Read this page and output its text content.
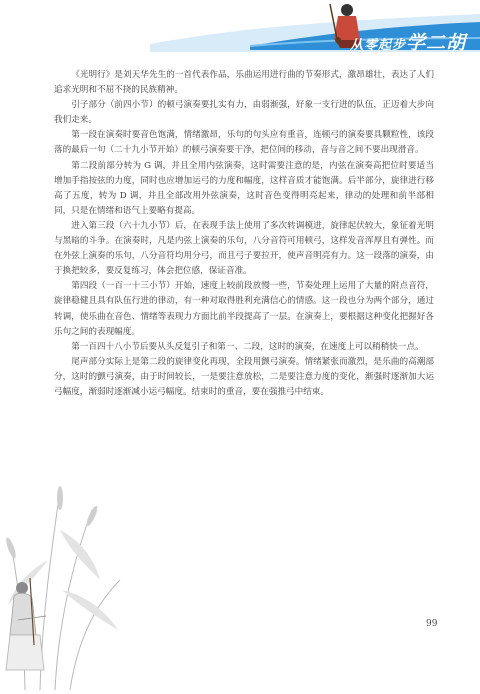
从零起步学二胡

《光明行》是刘天华先生的一首代表作品，乐曲运用进行曲的节奏形式，激昂雄壮，表达了人们追求光明和不屈不挠的民族精神。

引子部分（前四小节）的顿弓演奏要扎实有力，由弱渐强，好象一支行进的队伍，正迈着大步向我们走来。

第一段在演奏时要音色饱满，情绪激昂，乐句的句头应有重音，连顿弓的演奏要具颗粒性，该段落的最后一句（二十九小节开始）的顿弓演奏要干净，把位间的移动，音与音之间不要出现滑音。

第二段前部分转为 G 调，并且全用内弦演奏，这时需要注意的是，内弦在演奏高把位时要适当增加手指按弦的力度，同时也应增加运弓的力度和幅度，这样音质才能饱满。后半部分，旋律进行移高了五度，转为 D 调，并且全部改用外弦演奏，这时音色变得明亮起来，律动的处理和前半部相同，只是在情绪和语气上要略有提高。

进入第三段（六十九小节）后，在表现手法上使用了多次转调模进，旋律起伏较大，象征着光明与黑暗的斗争。在演奏时，凡是内弦上演奏的乐句，八分音符可用顿弓，这样发音浑厚且有弹性。而在外弦上演奏的乐句，八分音符均用分弓，而且弓子要拉开，使声音明亮有力。这一段落的演奏，由于换把较多，要反复练习，体会把位感，保证音准。

第四段（一百一十三小节）开始，速度上较前段放慢一些，节奏处理上运用了大量的附点音符，旋律稳健且具有队伍行进的律动，有一种对取得胜利充满信心的情感。这一段也分为两个部分，通过转调，使乐曲在音色、情绪等表现力方面比前半段提高了一层。在演奏上，要根据这种变化把握好各乐句之间的表现幅度。

第一百四十八小节后要从头反复引子和第一、二段，这时的演奏，在速度上可以稍稍快一点。

尾声部分实际上是第二段的旋律变化再现，全段用颤弓演奏。情绪紧张而激烈，是乐曲的高潮部分，这时的颤弓演奏，由于时间较长，一是要注意放松，二是要注意力度的变化，渐强时逐渐加大运弓幅度，渐弱时逐渐减小运弓幅度。结束时的重音，要在强推弓中结束。

99
